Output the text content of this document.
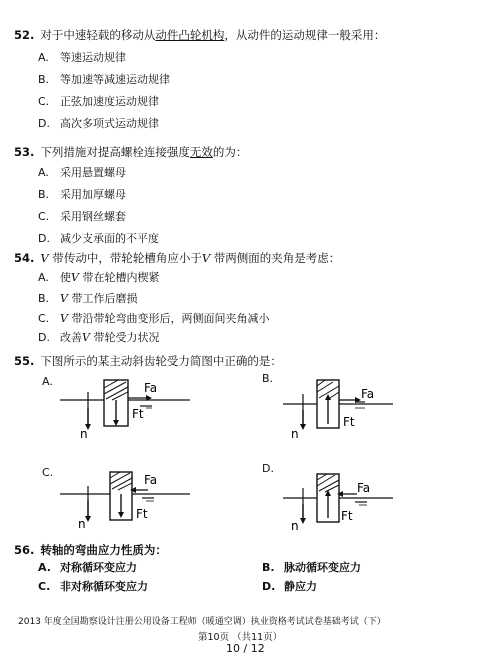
52. 对于中速轻载的移动从动件凸轮机构，从动件的运动规律一般采用：
A. 等速运动规律
B. 等加速等减速运动规律
C. 正弦加速度运动规律
D. 高次多项式运动规律
53. 下列措施对提高螺栓连接强度无效的为：
A. 采用悬置螺母
B. 采用加厚螺母
C. 采用钢丝螺套
D. 减少支承面的不平度
54. V 带传动中，带轮轮槽角应小于V 带两侧面的夹角是考虑：
A. 使V 带在轮槽内楔紧
B. V 带工作后磨损
C. V 带沿带轮弯曲变形后，两侧面间夹角减小
D. 改善V 带轮受力状况
55. 下图所示的某主动斜齿轮受力简图中正确的是：
A.	Fa
Ft
n
B.
Fa
Ft
n
C.
Fa
Ft
n
D.
Fa
Ft
n
56. 转轴的弯曲应力性质为：
A. 对称循环变应力	B. 脉动循环变应力
C. 非对称循环变应力	D. 静应力
2013 年度全国勘察设计注册公用设备工程师（暖通空调）执业资格考试试卷基础考试（下）
第10页 （共11页）
10 / 12
